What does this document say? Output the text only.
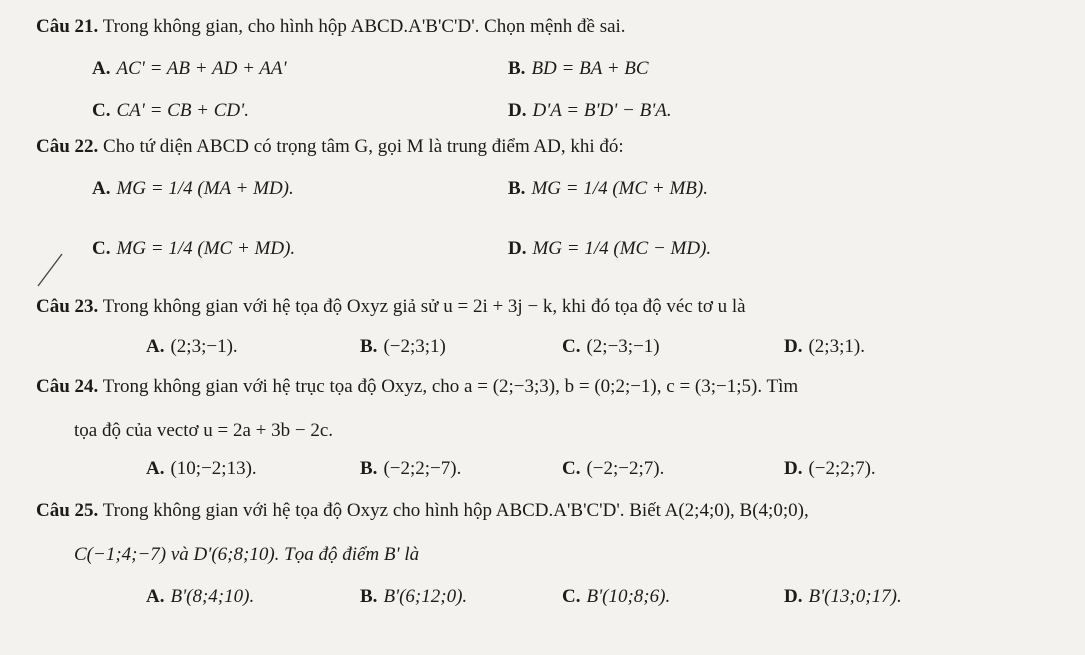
Câu 21. Trong không gian, cho hình hộp ABCD.A'B'C'D'. Chọn mệnh đề sai.
A. AC' = AB + AD + AA'	B. BD = BA + BC
C. CA' = CB + CD'.	D. D'A = B'D' − B'A.
Câu 22. Cho tứ diện ABCD có trọng tâm G, gọi M là trung điểm AD, khi đó:
A. MG = 1/4 (MA + MD).	B. MG = 1/4 (MC + MB).
C. MG = 1/4 (MC + MD).	D. MG = 1/4 (MC − MD).
Câu 23. Trong không gian với hệ tọa độ Oxyz giả sử u = 2i + 3j − k, khi đó tọa độ véc tơ u là
A. (2;3;−1).	B. (−2;3;1)	C. (2;−3;−1)	D. (2;3;1).
Câu 24. Trong không gian với hệ trục tọa độ Oxyz, cho a = (2;−3;3), b = (0;2;−1), c = (3;−1;5). Tìm
tọa độ của vectơ u = 2a + 3b − 2c.
A. (10;−2;13).	B. (−2;2;−7).	C. (−2;−2;7).	D. (−2;2;7).
Câu 25. Trong không gian với hệ tọa độ Oxyz cho hình hộp ABCD.A'B'C'D'. Biết A(2;4;0), B(4;0;0),
C(−1;4;−7) và D'(6;8;10). Tọa độ điểm B' là
A. B'(8;4;10).	B. B'(6;12;0).	C. B'(10;8;6).	D. B'(13;0;17).
